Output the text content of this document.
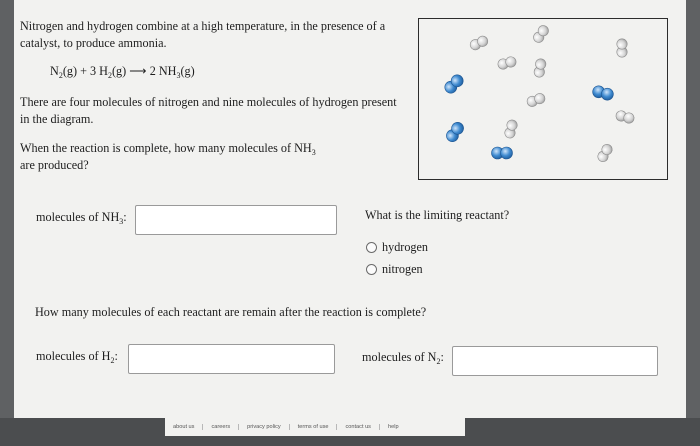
Nitrogen and hydrogen combine at a high temperature, in the presence of a catalyst, to produce ammonia.

$N_2(g) + 3$ $H_2(g)$ ⟶ 2 $NH_3(g)$

There are four molecules of nitrogen and nine molecules of hydrogen present in the diagram.

When the reaction is complete, how many molecules of $NH_3$
are produced?

molecules of $NH_3$:	What is the limiting reactant?
hydrogen
nitrogen
How many molecules of each reactant are remain after the reaction is complete?
molecules of $H_2$:	molecules of $N_2$:
about us	careers	privacy policy	terms of use	contact us	help
